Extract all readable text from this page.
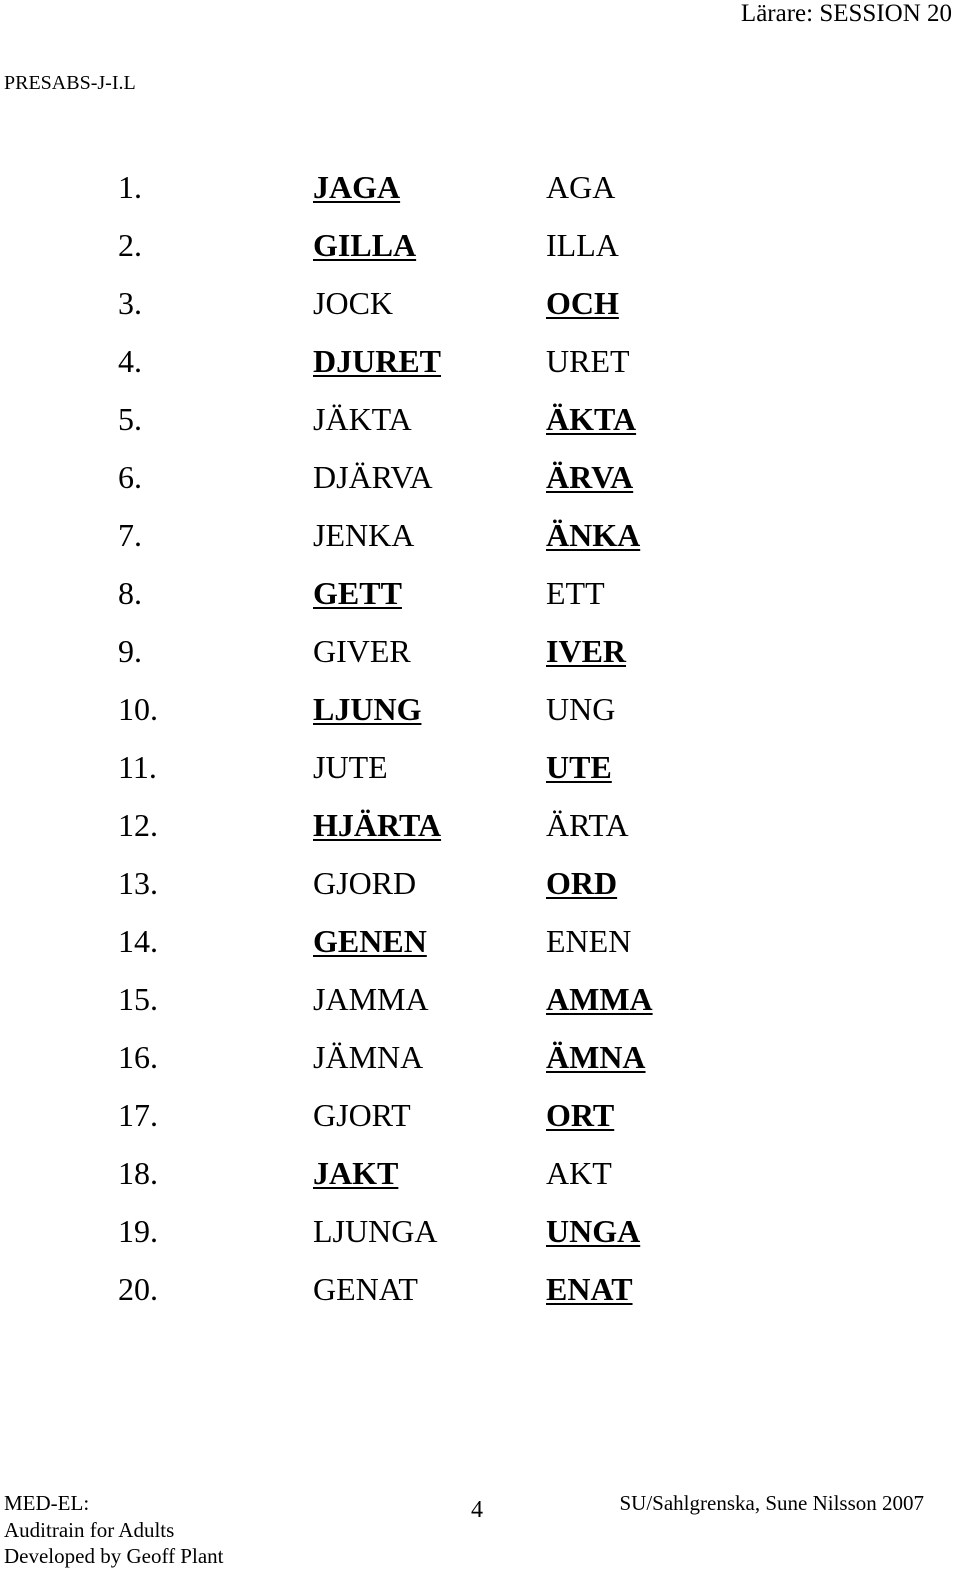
Lärare: SESSION 20
PRESABS-J-I.L
1.	JAGA	AGA
2.	GILLA	ILLA
3.	JOCK	OCH
4.	DJURET	URET
5.	JÄKTA	ÄKTA
6.	DJÄRVA	ÄRVA
7.	JENKA	ÄNKA
8.	GETT	ETT
9.	GIVER	IVER
10.	LJUNG	UNG
11.	JUTE	UTE
12.	HJÄRTA	ÄRTA
13.	GJORD	ORD
14.	GENEN	ENEN
15.	JAMMA	AMMA
16.	JÄMNA	ÄMNA
17.	GJORT	ORT
18.	JAKT	AKT
19.	LJUNGA	UNGA
20.	GENAT	ENAT
MED-EL:
Auditrain for Adults
Developed by Geoff Plant
4	SU/Sahlgrenska, Sune Nilsson 2007
